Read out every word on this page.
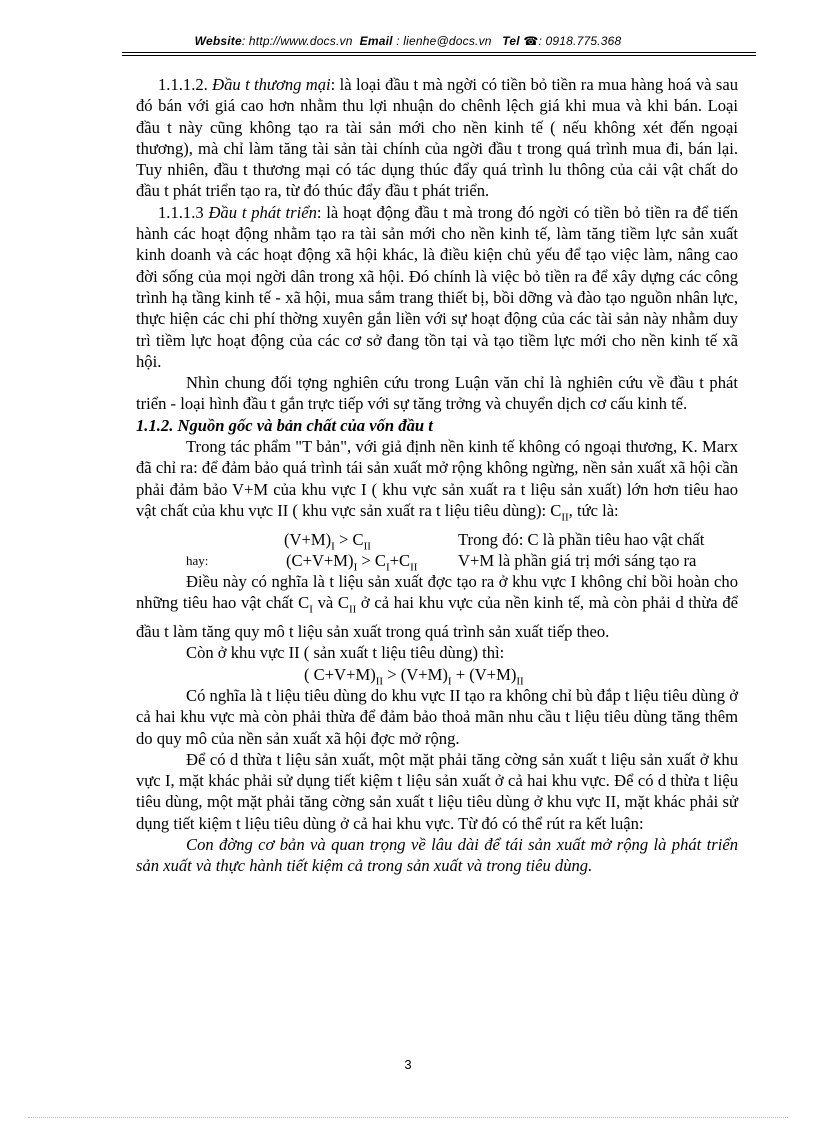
Website: http://www.docs.vn Email : lienhe@docs.vn Tel ☎: 0918.775.368

1.1.1.2. Đầu t thương mại: là loại đầu t mà ngời có tiền bỏ tiền ra mua hàng hoá và sau đó bán với giá cao hơn nhằm thu lợi nhuận do chênh lệch giá khi mua và khi bán. Loại đầu t này cũng không tạo ra tài sản mới cho nền kinh tế ( nếu không xét đến ngoại thương), mà chỉ làm tăng tài sản tài chính của ngời đầu t trong quá trình mua đi, bán lại. Tuy nhiên, đầu t thương mại có tác dụng thúc đẩy quá trình lu thông của cải vật chất do đầu t phát triển tạo ra, từ đó thúc đẩy đầu t phát triển.

1.1.1.3 Đầu t phát triển: là hoạt động đầu t mà trong đó ngời có tiền bỏ tiền ra để tiến hành các hoạt động nhằm tạo ra tài sản mới cho nền kinh tế, làm tăng tiềm lực sản xuất kinh doanh và các hoạt động xã hội khác, là điều kiện chủ yếu để tạo việc làm, nâng cao đời sống của mọi ngời dân trong xã hội. Đó chính là việc bỏ tiền ra để xây dựng các công trình hạ tầng kinh tế - xã hội, mua sắm trang thiết bị, bồi dỡng và đào tạo nguồn nhân lực, thực hiện các chi phí thờng xuyên gắn liền với sự hoạt động của các tài sản này nhằm duy trì tiềm lực hoạt động của các cơ sở đang tồn tại và tạo tiềm lực mới cho nền kinh tế xã hội.

Nhìn chung đối tợng nghiên cứu trong Luận văn chỉ là nghiên cứu về đầu t phát triển - loại hình đầu t gắn trực tiếp với sự tăng trởng và chuyển dịch cơ cấu kinh tế.

1.1.2. Nguồn gốc và bản chất của vốn đầu t

Trong tác phẩm "T bản", với giả định nền kinh tế không có ngoại thương, K. Marx đã chỉ ra: để đảm bảo quá trình tái sản xuất mở rộng không ngừng, nền sản xuất xã hội cần phải đảm bảo V+M của khu vực I ( khu vực sản xuất ra t liệu sản xuất) lớn hơn tiêu hao vật chất của khu vực II ( khu vực sản xuất ra t liệu tiêu dùng): $C_{II}$, tức là:

$(V+M)_I > C_{II}$	Trong đó: C là phần tiêu hao vật chất
hay:	$(C+V+M)_I > C_I+C_{II}$ V+M là phần giá trị mới sáng tạo ra

Điều này có nghĩa là t liệu sản xuất đợc tạo ra ở khu vực I không chỉ bồi hoàn cho những tiêu hao vật chất $C_I$ và $C_{II}$ ở cả hai khu vực của nền kinh tế, mà còn phải d thừa để đầu t làm tăng quy mô t liệu sản xuất trong quá trình sản xuất tiếp theo.

Còn ở khu vực II ( sản xuất t liệu tiêu dùng) thì:

( $C+V+M)_{II} > (V+M)_I + (V+M)_{II}$

Có nghĩa là t liệu tiêu dùng do khu vực II tạo ra không chỉ bù đắp t liệu tiêu dùng ở cả hai khu vực mà còn phải thừa để đảm bảo thoả mãn nhu cầu t liệu tiêu dùng tăng thêm do quy mô của nền sản xuất xã hội đợc mở rộng.

Để có d thừa t liệu sản xuất, một mặt phải tăng cờng sản xuất t liệu sản xuất ở khu vực I, mặt khác phải sử dụng tiết kiệm t liệu sản xuất ở cả hai khu vực. Để có d thừa t liệu tiêu dùng, một mặt phải tăng cờng sản xuất t liệu tiêu dùng ở khu vực II, mặt khác phải sử dụng tiết kiệm t liệu tiêu dùng ở cả hai khu vực. Từ đó có thể rút ra kết luận:

Con đờng cơ bản và quan trọng về lâu dài để tái sản xuất mở rộng là phát triển sản xuất và thực hành tiết kiệm cả trong sản xuất và trong tiêu dùng.

3
